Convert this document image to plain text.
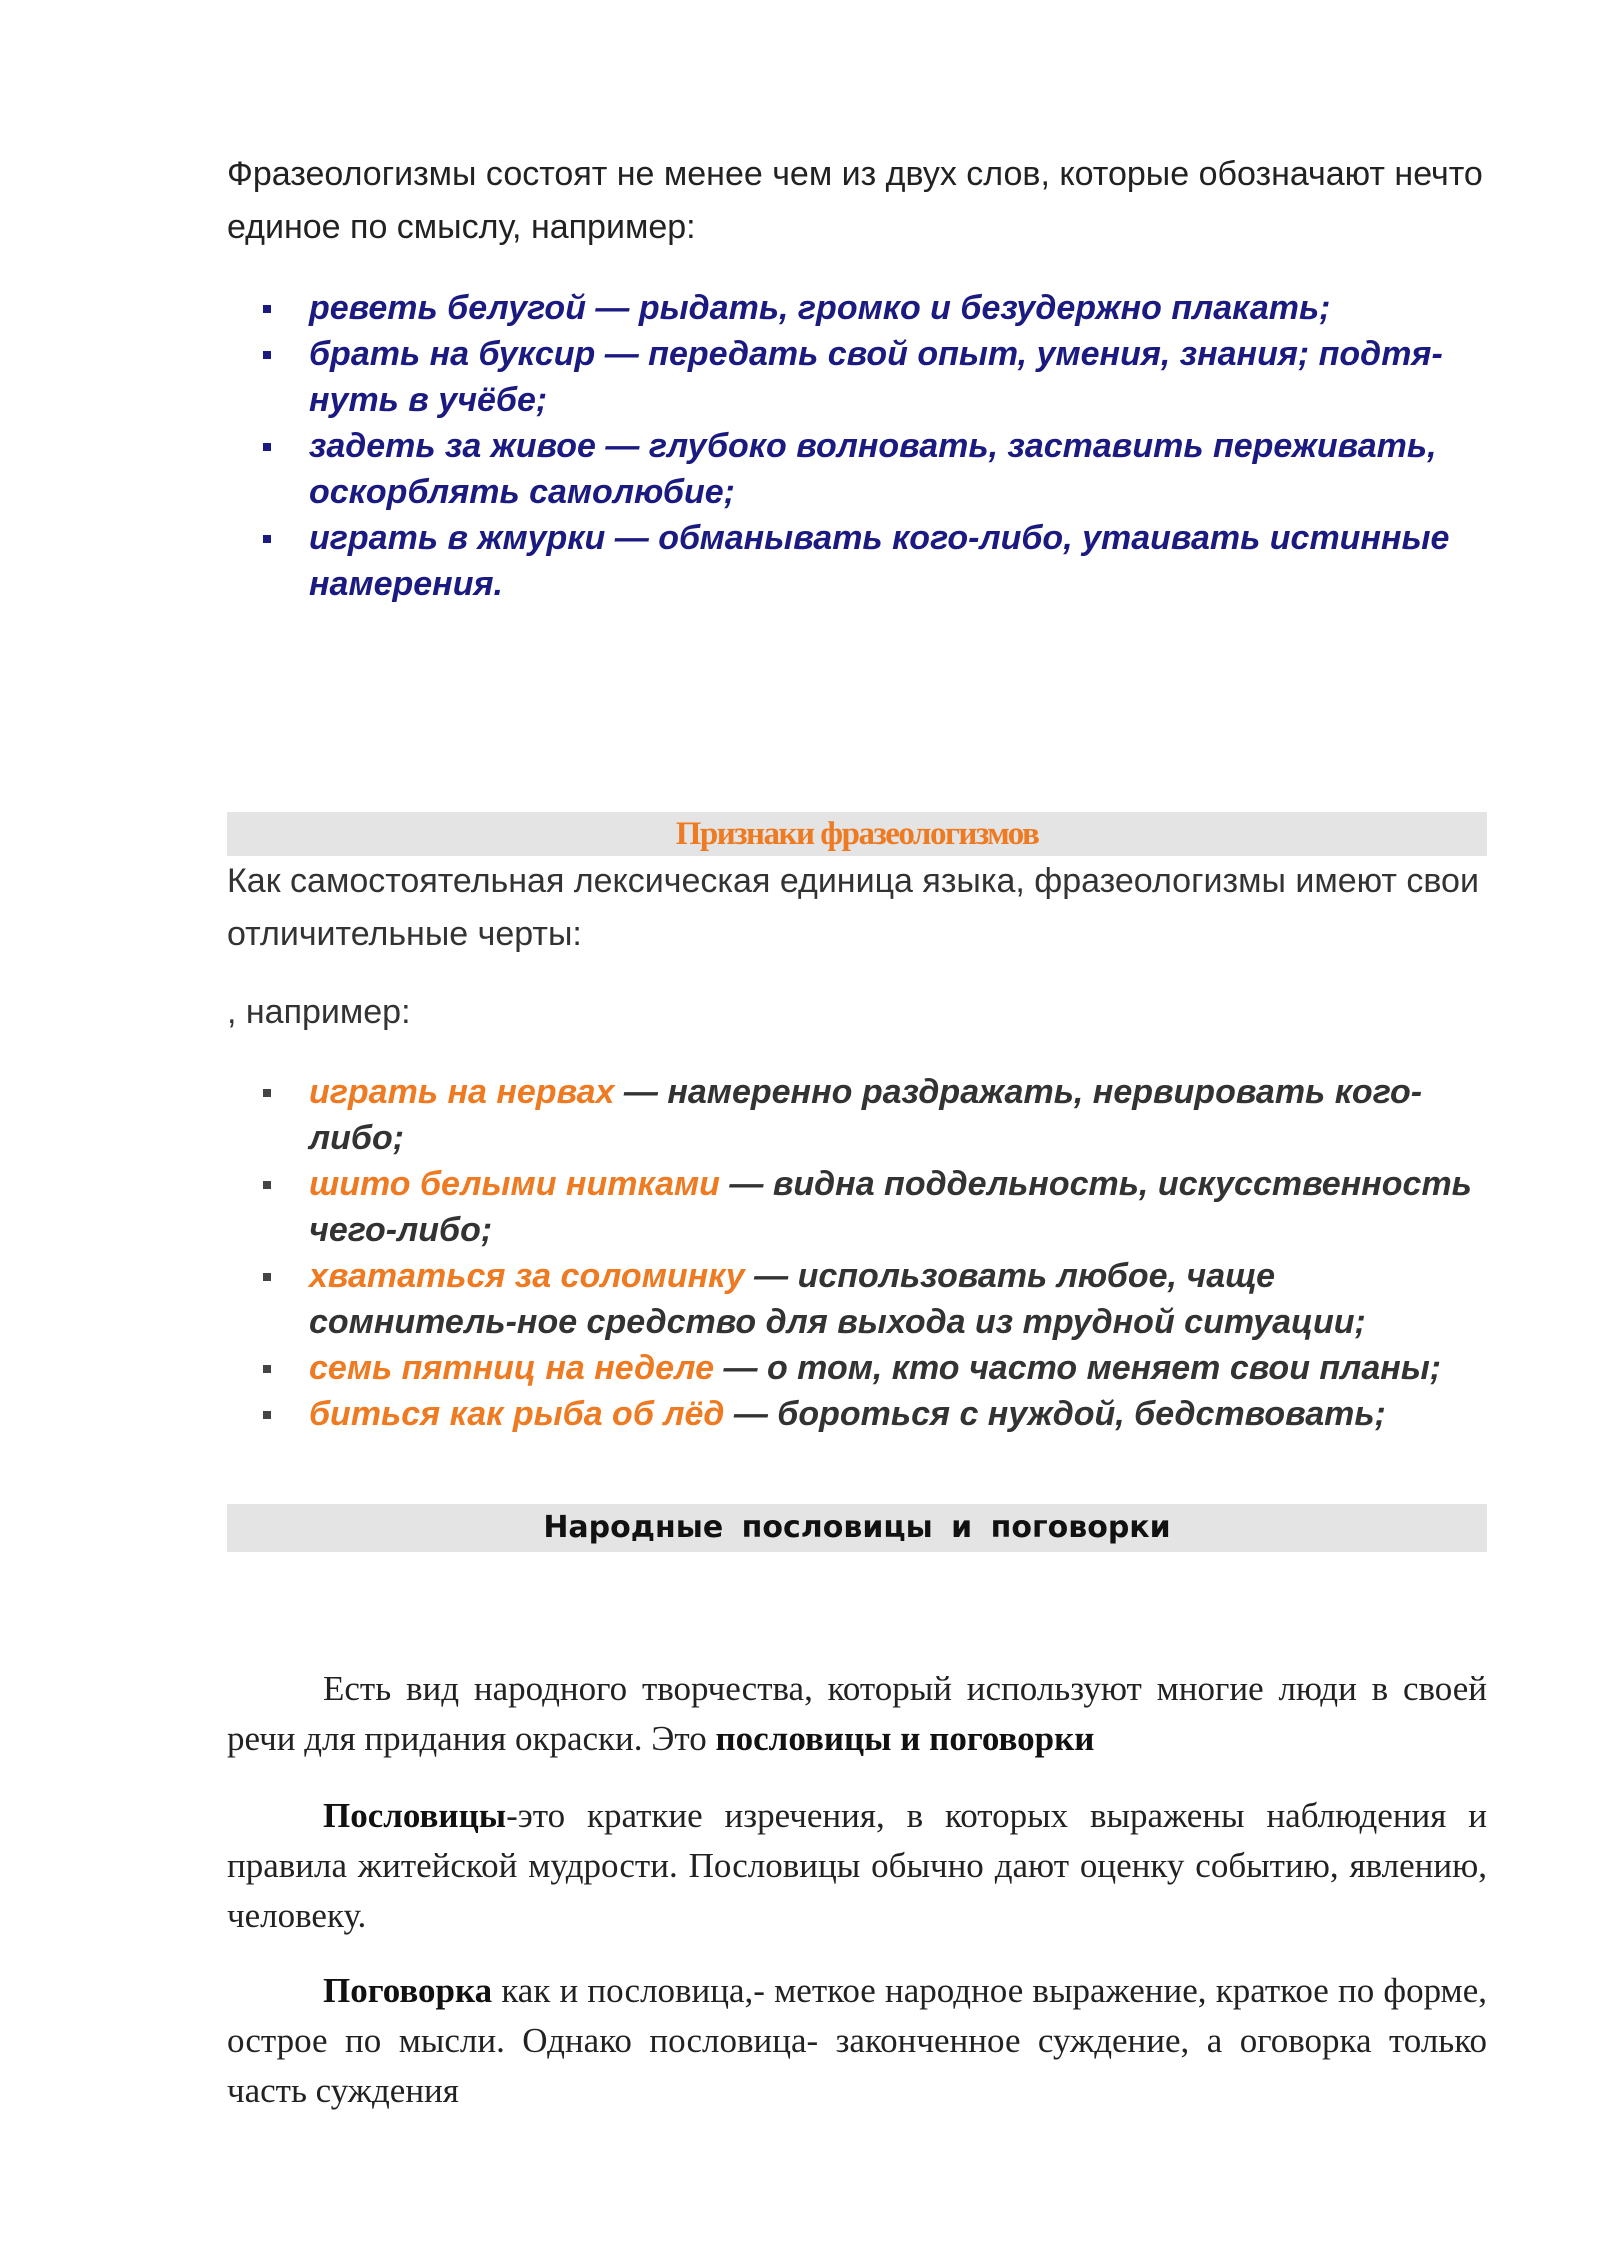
Фразеологизмы состоят не менее чем из двух слов, которые обозначают нечто единое по смыслу, например:
реветь белугой — рыдать, громко и безудержно плакать;
брать на буксир — передать свой опыт, умения, знания; подтя-нуть в учёбе;
задеть за живое — глубоко волновать, заставить переживать, оскорблять самолюбие;
играть в жмурки — обманывать кого-либо, утаивать истинные намерения.
Признаки фразеологизмов
Как самостоятельная лексическая единица языка, фразеологизмы имеют свои отличительные черты:
, например:
играть на нервах — намеренно раздражать, нервировать кого-либо;
шито белыми нитками — видна поддельность, искусственность чего-либо;
хвататься за соломинку — использовать любое, чаще сомнитель-ное средство для выхода из трудной ситуации;
семь пятниц на неделе — о том, кто часто меняет свои планы;
биться как рыба об лёд — бороться с нуждой, бедствовать;
Народные пословицы и поговорки

Есть вид народного творчества, который используют многие люди в своей речи для придания окраски. Это пословицы и поговорки

Пословицы-это краткие изречения, в которых выражены наблюдения и правила житейской мудрости. Пословицы обычно дают оценку событию, явлению, человеку.

Поговорка как и пословица,- меткое народное выражение, краткое по форме, острое по мысли. Однако пословица- законченное суждение, а оговорка только часть суждения
